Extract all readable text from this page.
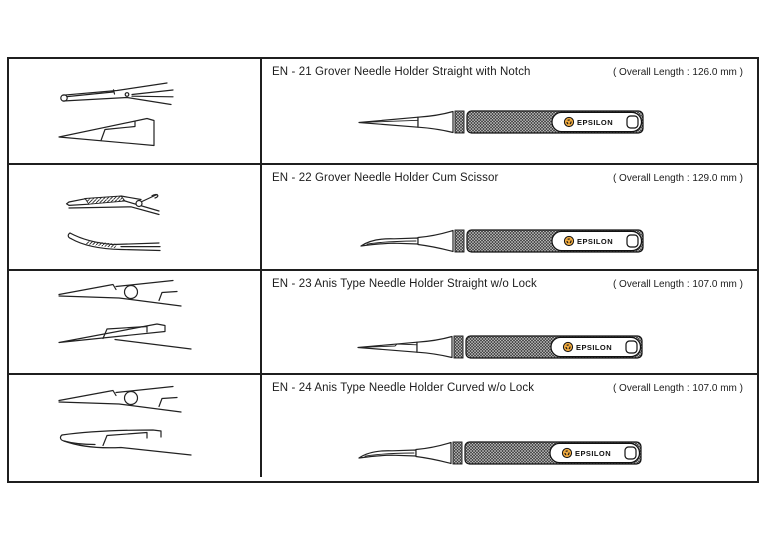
EN - 21 Grover Needle Holder Straight with Notch	( Overall Length : 126.0 mm )
EPSILON
EN - 22 Grover Needle Holder Cum Scissor	( Overall Length : 129.0 mm )
EPSILON
EN - 23 Anis Type Needle Holder Straight w/o Lock	( Overall Length : 107.0 mm )
EPSILON
EN - 24 Anis Type Needle Holder Curved w/o Lock	( Overall Length : 107.0 mm )
EPSILON
